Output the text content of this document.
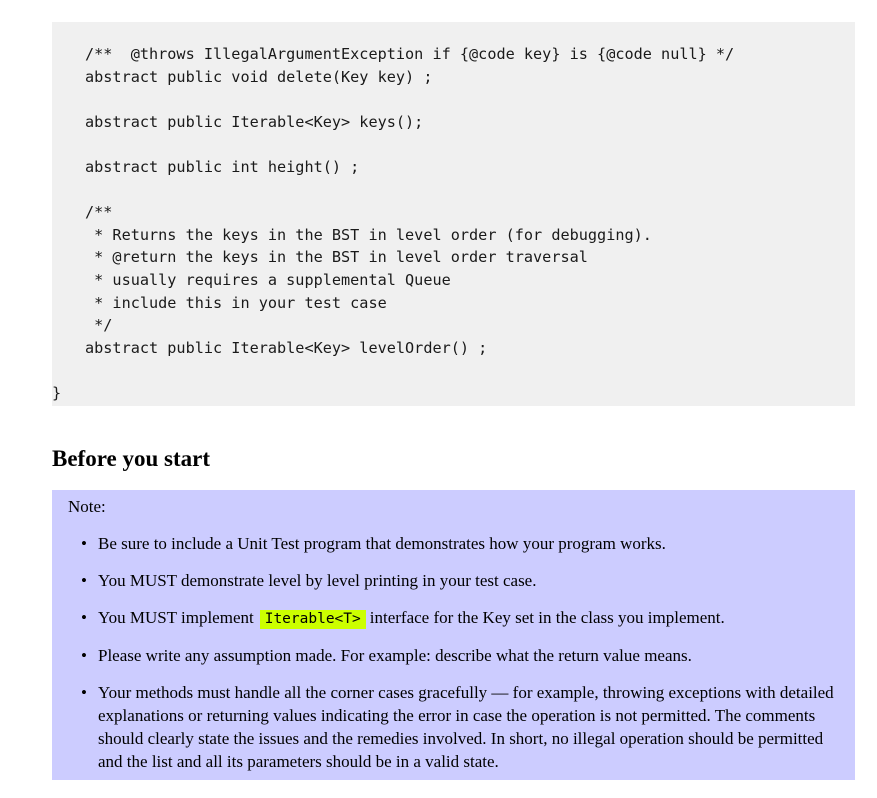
/**  @throws IllegalArgumentException if {@code key} is {@code null} */
abstract public void delete(Key key) ;
abstract public Iterable<Key> keys();
abstract public int height() ;
/**
* Returns the keys in the BST in level order (for debugging).
* @return the keys in the BST in level order traversal
* usually requires a supplemental Queue
* include this in your test case
*/
abstract public Iterable<Key> levelOrder() ;
}
Before you start
Note:
• Be sure to include a Unit Test program that demonstrates how your program works.
• You MUST demonstrate level by level printing in your test case.
• You MUST implement Iterable<T> interface for the Key set in the class you implement.
• Please write any assumption made. For example: describe what the return value means.
• Your methods must handle all the corner cases gracefully — for example, throwing exceptions with detailed explanations or returning values indicating the error in case the operation is not permitted. The comments should clearly state the issues and the remedies involved. In short, no illegal operation should be permitted and the list and all its parameters should be in a valid state.
